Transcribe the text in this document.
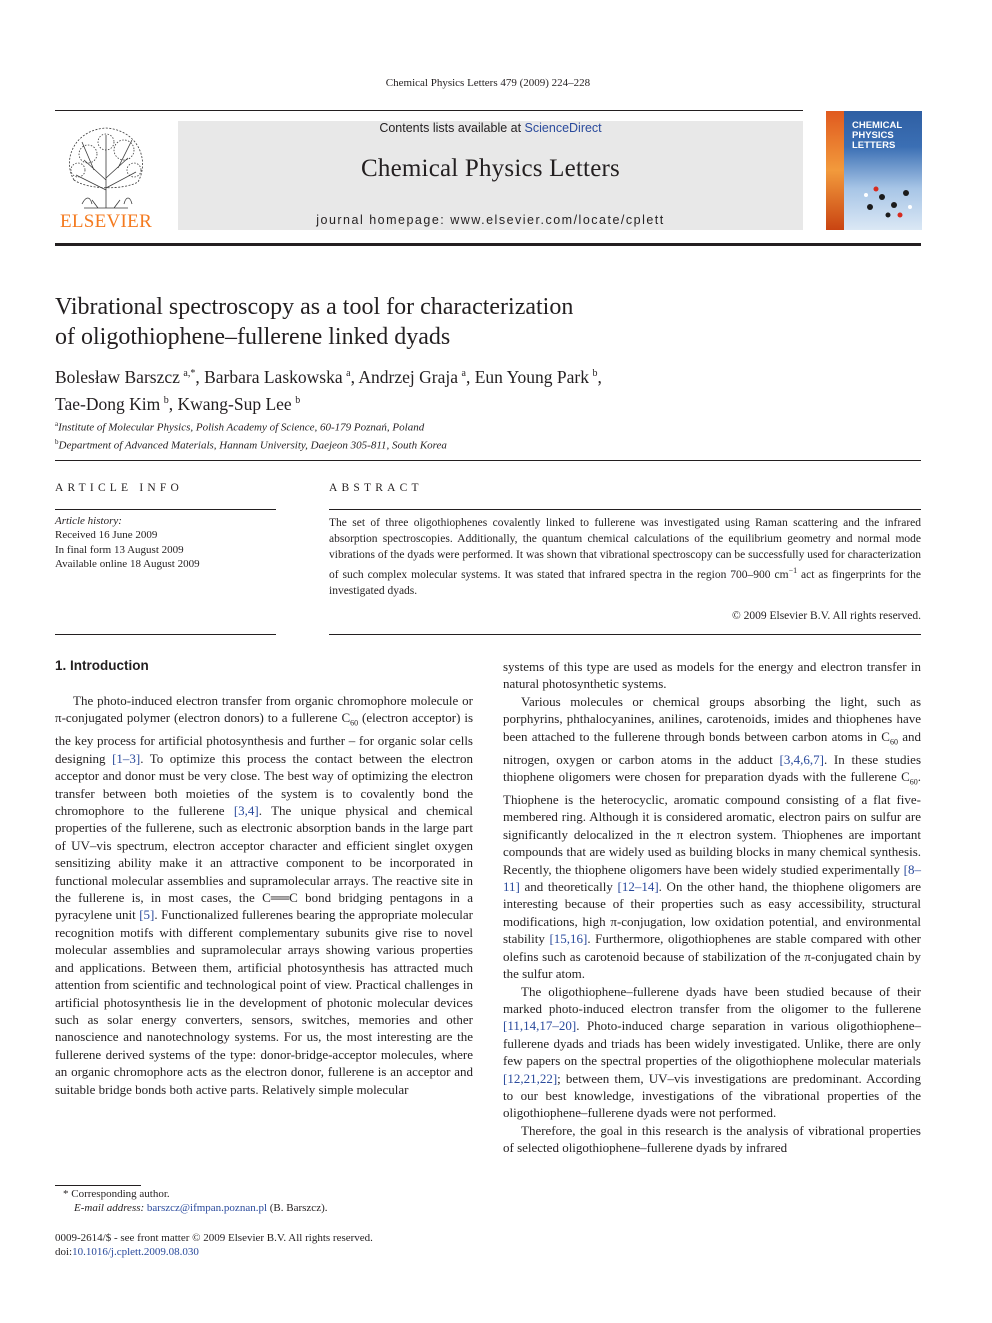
Chemical Physics Letters 479 (2009) 224–228
ELSEVIER
Contents lists available at ScienceDirect
Chemical Physics Letters
journal homepage: www.elsevier.com/locate/cplett
CHEMICAL PHYSICS LETTERS
Vibrational spectroscopy as a tool for characterization
of oligothiophene–fullerene linked dyads
Bolesław Barszcz  $^{a,*}$, Barbara Laskowska  $^a$, Andrzej Graja  $^a$, Eun Young Park  $^b$,
Tae-Dong Kim  $^b$, Kwang-Sup Lee  $^b$
$^a$Institute of Molecular Physics, Polish Academy of Science, 60-179 Poznań, Poland
$^b$Department of Advanced Materials, Hannam University, Daejeon 305-811, South Korea
ARTICLE INFO	ABSTRACT
Article history:
Received 16 June 2009
In final form 13 August 2009
Available online 18 August 2009
The set of three oligothiophenes covalently linked to fullerene was investigated using Raman scattering and the infrared absorption spectroscopies. Additionally, the quantum chemical calculations of the equilibrium geometry and normal mode vibrations of the dyads were performed. It was shown that vibrational spectroscopy can be successfully used for characterization of such complex molecular systems. It was stated that infrared spectra in the region 700–900 $cm^{-1}$ act as fingerprints for the investigated dyads.
© 2009 Elsevier B.V. All rights reserved.
1. Introduction

The photo-induced electron transfer from organic chromophore molecule or π-conjugated polymer (electron donors) to a fullerene $C_{60}$ (electron acceptor) is the key process for artificial photosynthesis and further – for organic solar cells designing [1–3]. To optimize this process the contact between the electron acceptor and donor must be very close. The best way of optimizing the electron transfer between both moieties of the system is to covalently bond the chromophore to the fullerene [3,4]. The unique physical and chemical properties of the fullerene, such as electronic absorption bands in the large part of UV–vis spectrum, electron acceptor character and efficient singlet oxygen sensitizing ability make it an attractive component to be incorporated in functional molecular assemblies and supramolecular arrays. The reactive site in the fullerene is, in most cases, the C══C bond bridging pentagons in a pyracylene unit [5]. Functionalized fullerenes bearing the appropriate molecular recognition motifs with different complementary subunits give rise to novel molecular assemblies and supramolecular arrays showing various properties and applications. Between them, artificial photosynthesis has attracted much attention from scientific and technological point of view. Practical challenges in artificial photosynthesis lie in the development of photonic molecular devices such as solar energy converters, sensors, switches, memories and other nanoscience and nanotechnology systems. For us, the most interesting are the fullerene derived systems of the type: donor-bridge-acceptor molecules, where an organic chromophore acts as the electron donor, fullerene is an acceptor and suitable bridge bonds both active parts. Relatively simple molecular

systems of this type are used as models for the energy and electron transfer in natural photosynthetic systems.

Various molecules or chemical groups absorbing the light, such as porphyrins, phthalocyanines, anilines, carotenoids, imides and thiophenes have been attached to the fullerene through bonds between carbon atoms in $C_{60}$ and nitrogen, oxygen or carbon atoms in the adduct [3,4,6,7]. In these studies thiophene oligomers were chosen for preparation dyads with the fullerene $C_{60}$. Thiophene is the heterocyclic, aromatic compound consisting of a flat five-membered ring. Although it is considered aromatic, electron pairs on sulfur are significantly delocalized in the π electron system. Thiophenes are important compounds that are widely used as building blocks in many chemical synthesis. Recently, the thiophene oligomers have been widely studied experimentally [8–11] and theoretically [12–14]. On the other hand, the thiophene oligomers are interesting because of their properties such as easy accessibility, structural modifications, high π-conjugation, low oxidation potential, and environmental stability [15,16]. Furthermore, oligothiophenes are stable compared with other olefins such as carotenoid because of stabilization of the π-conjugated chain by the sulfur atom.

The oligothiophene–fullerene dyads have been studied because of their marked photo-induced electron transfer from the oligomer to the fullerene [11,14,17–20]. Photo-induced charge separation in various oligothiophene–fullerene dyads and triads has been widely investigated. Unlike, there are only few papers on the spectral properties of the oligothiophene molecular materials [12,21,22]; between them, UV–vis investigations are predominant. According to our best knowledge, investigations of the vibrational properties of the oligothiophene–fullerene dyads were not performed.

Therefore, the goal in this research is the analysis of vibrational properties of selected oligothiophene–fullerene dyads by infrared

* Corresponding author.
E-mail address: barszcz@ifmpan.poznan.pl (B. Barszcz).
0009-2614/$ - see front matter © 2009 Elsevier B.V. All rights reserved.
doi:10.1016/j.cplett.2009.08.030
